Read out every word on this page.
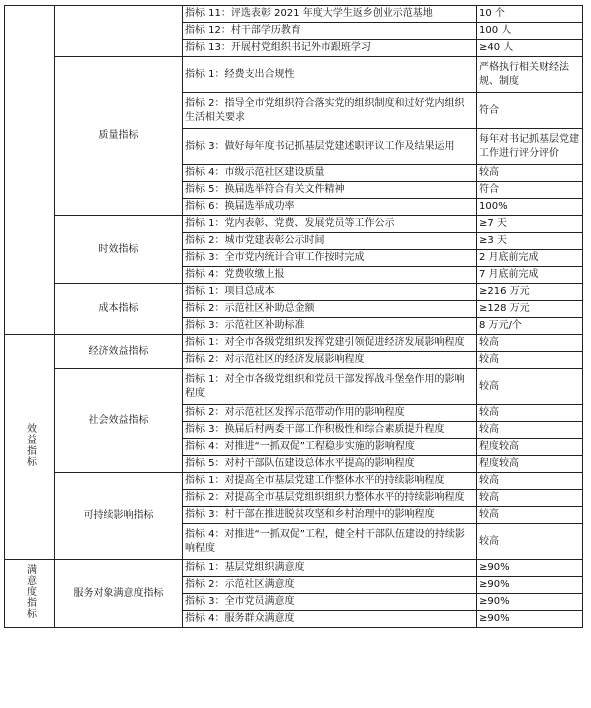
		指标 11：评选表彰 2021 年度大学生返乡创业示范基地	10 个
		指标 12：村干部学历教育	100 人
		指标 13：开展村党组织书记外市跟班学习	≥40 人
	质量指标	指标 1：经费支出合规性	严格执行相关财经法规、制度
		指标 2：指导全市党组织符合落实党的组织制度和过好党内组织生活相关要求	符合
		指标 3：做好每年度书记抓基层党建述职评议工作及结果运用	每年对书记抓基层党建工作进行评分评价
		指标 4：市级示范社区建设质量	较高
		指标 5：换届选举符合有关文件精神	符合
		指标 6：换届选举成功率	100%
	时效指标	指标 1：党内表彰、党费、发展党员等工作公示	≥7 天
		指标 2：城市党建表彰公示时间	≥3 天
		指标 3：全市党内统计合审工作按时完成	2 月底前完成
		指标 4：党费收缴上报	7 月底前完成
	成本指标	指标 1：项目总成本	≥216 万元
		指标 2：示范社区补助总金额	≥128 万元
		指标 3：示范社区补助标准	8 万元/个
效益指标	经济效益指标	指标 1：对全市各级党组织发挥党建引领促进经济发展影响程度	较高
		指标 2：对示范社区的经济发展影响程度	较高
	社会效益指标	指标 1：对全市各级党组织和党员干部发挥战斗堡垒作用的影响程度	较高
		指标 2：对示范社区发挥示范带动作用的影响程度	较高
		指标 3：换届后村两委干部工作积极性和综合素质提升程度	较高
		指标 4：对推进“一抓双促”工程稳步实施的影响程度	程度较高
		指标 5：对村干部队伍建设总体水平提高的影响程度	程度较高
	可持续影响指标	指标 1：对提高全市基层党建工作整体水平的持续影响程度	较高
		指标 2：对提高全市基层党组织组织力整体水平的持续影响程度	较高
		指标 3：村干部在推进脱贫攻坚和乡村治理中的影响程度	较高
		指标 4：对推进“一抓双促”工程，健全村干部队伍建设的持续影响程度	较高
满意度指标	服务对象满意度指标	指标 1：基层党组织满意度	≥90%
		指标 2：示范社区满意度	≥90%
		指标 3：全市党员满意度	≥90%
		指标 4：服务群众满意度	≥90%
